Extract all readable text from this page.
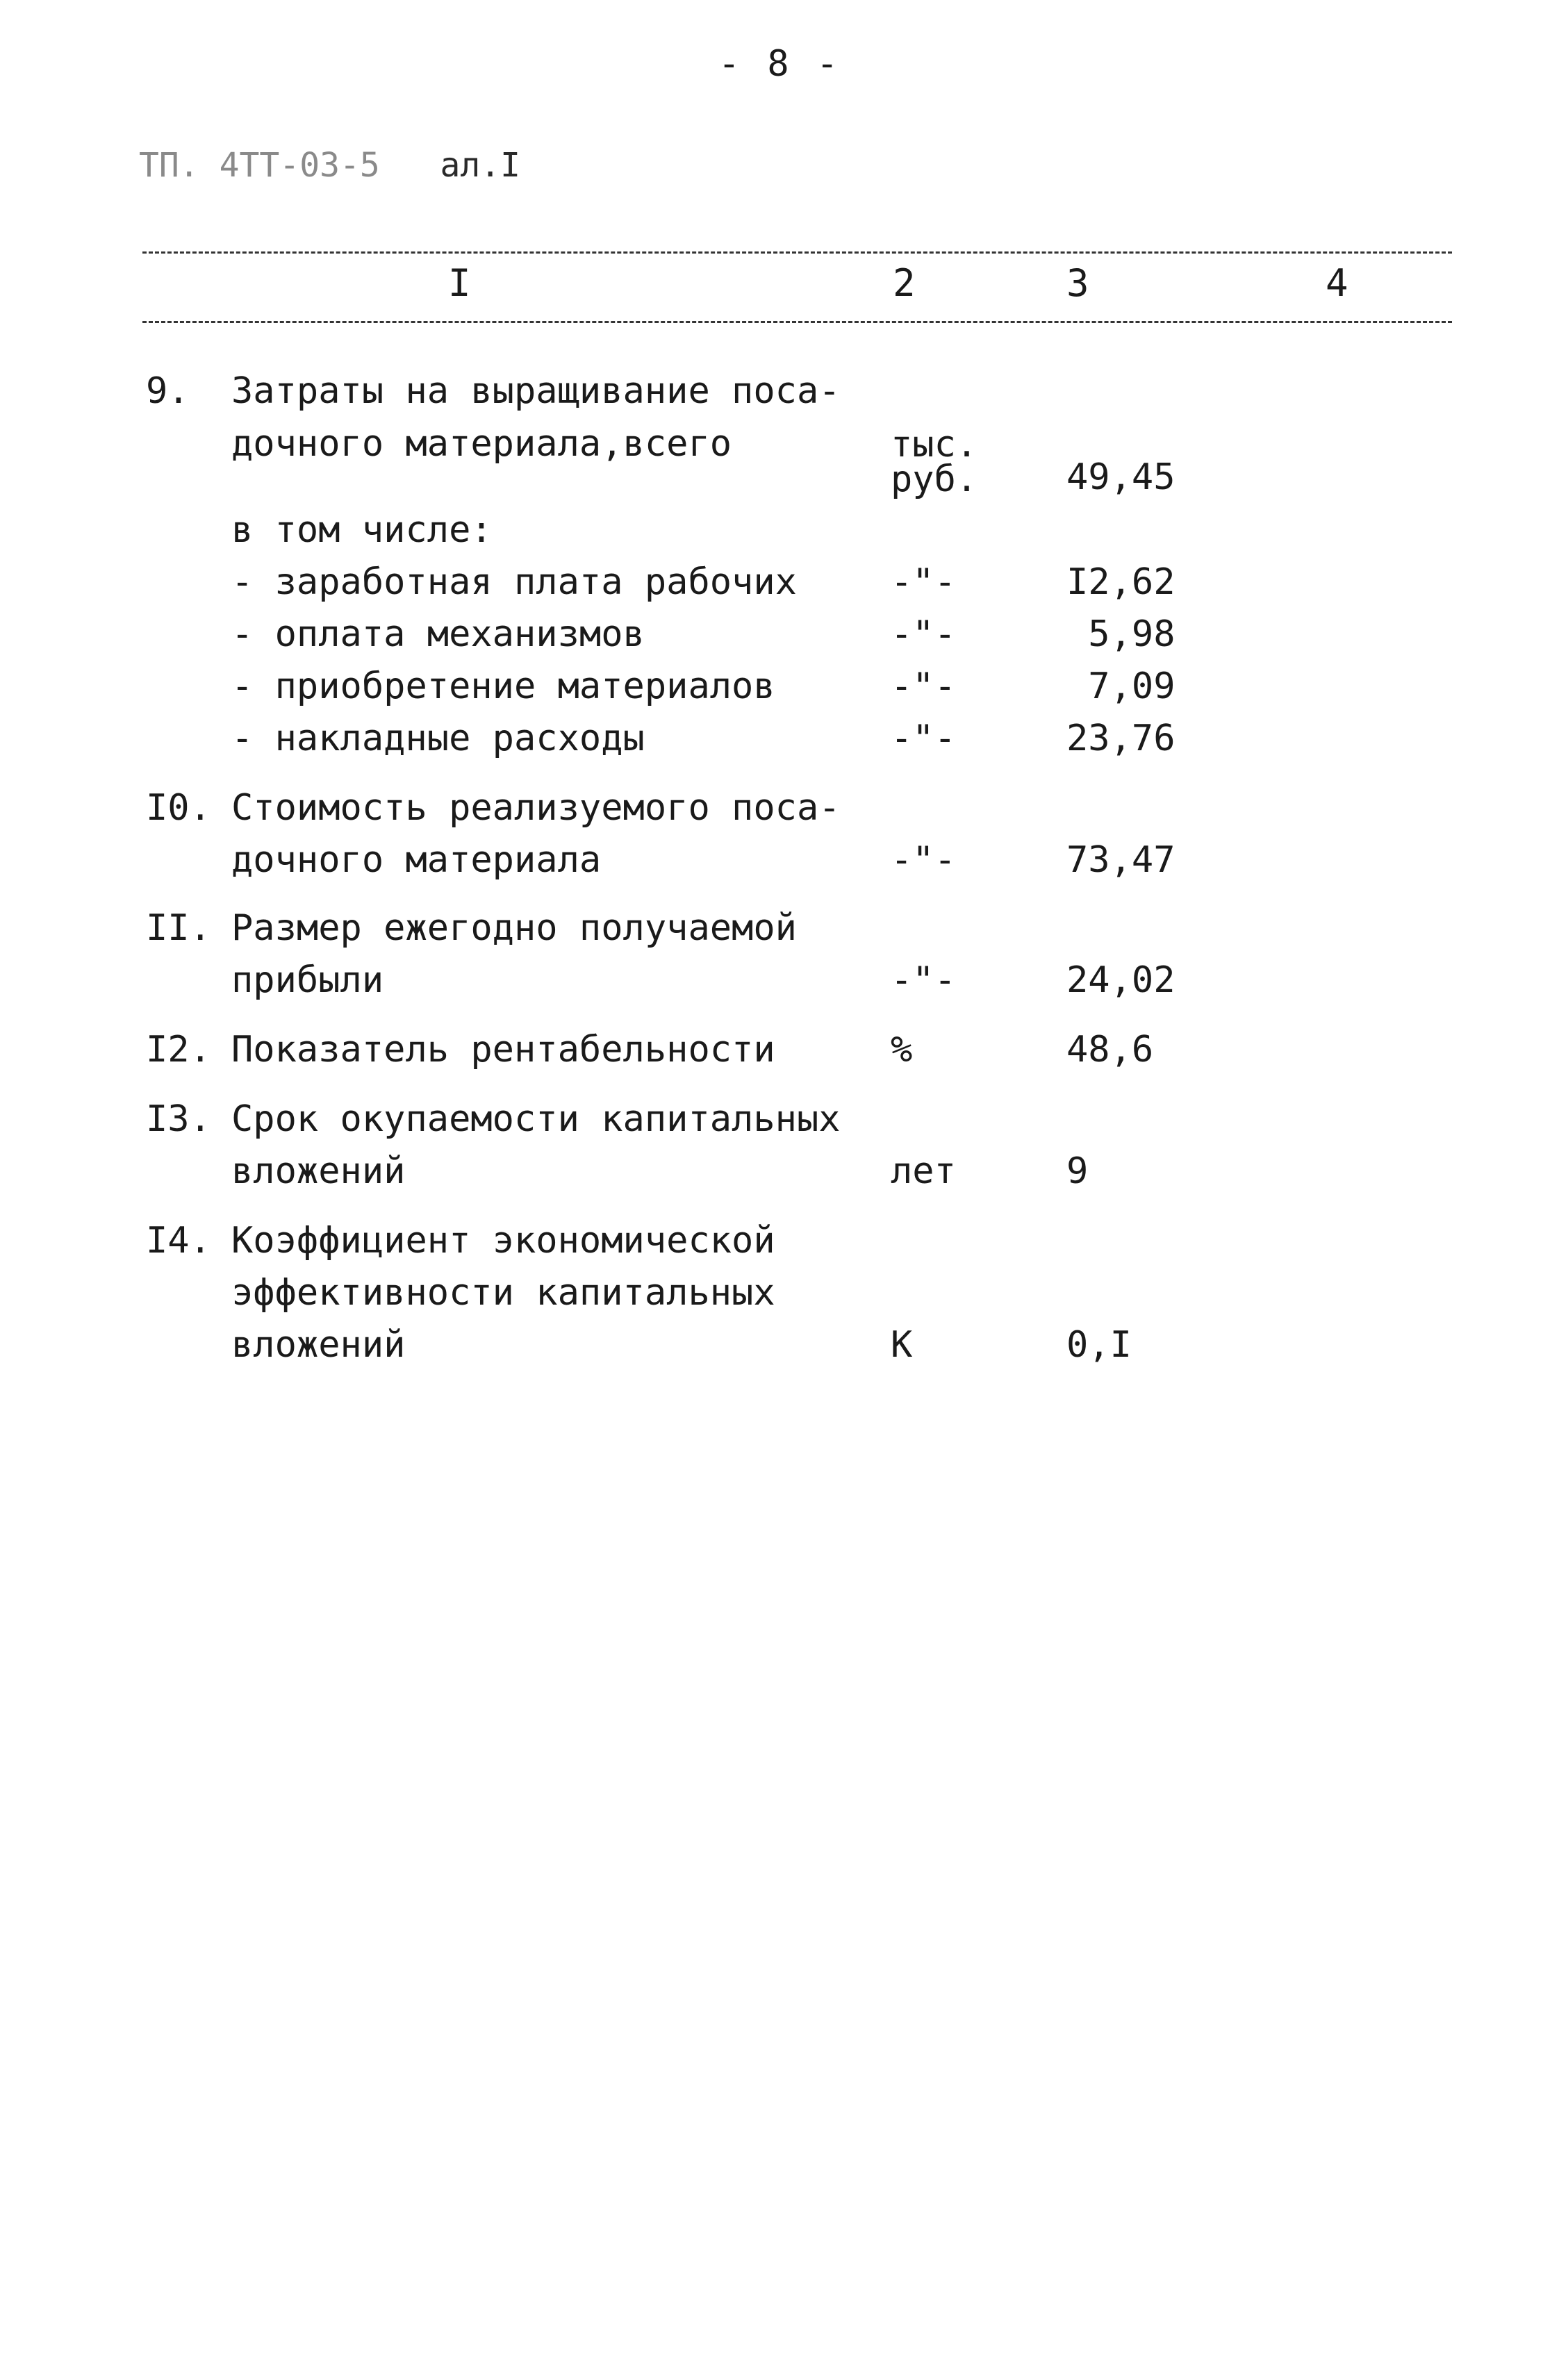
- 8 -
ТП. 4ТТ-03-5 ал.I
I	2	3	4
9. Затраты на выращивание поса-
дочного материала,всего	тыс.
руб. 49,45
в том числе:
- заработная плата рабочих	-"-	I2,62
- оплата механизмов	-"-	5,98
- приобретение материалов	-"-	7,09
- накладные расходы	-"-	23,76
I0. Стоимость реализуемого поса-
дочного материала	-"-	73,47
II. Размер ежегодно получаемой
прибыли	-"-	24,02
I2. Показатель рентабельности	%	48,6
I3. Срок окупаемости капитальных
вложений	лет	9
I4. Коэффициент экономической
эффективности капитальных
вложений	К	0,I
